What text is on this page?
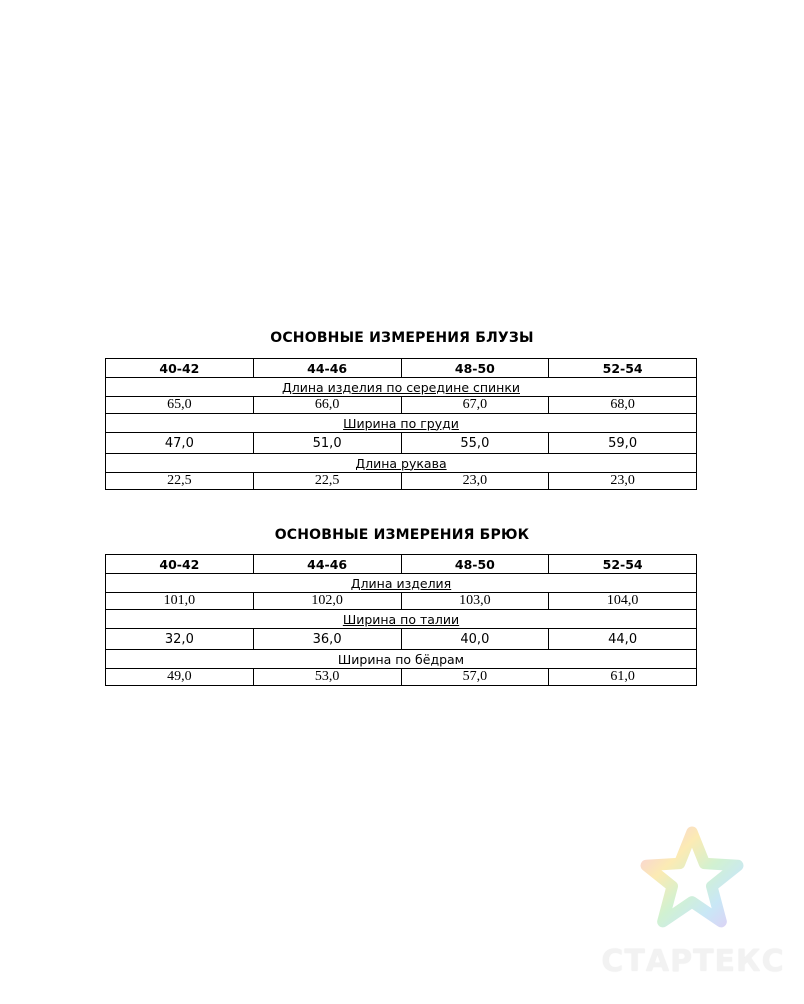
ОСНОВНЫЕ ИЗМЕРЕНИЯ БЛУЗЫ
40-42	44-46	48-50	52-54
Длина изделия по середине спинки			
65,0	66,0	67,0	68,0
Ширина по груди			
47,0	51,0	55,0	59,0
Длина рукава			
22,5	22,5	23,0	23,0
ОСНОВНЫЕ ИЗМЕРЕНИЯ БРЮК
40-42	44-46	48-50	52-54
Длина изделия			
101,0	102,0	103,0	104,0
Ширина по талии			
32,0	36,0	40,0	44,0
Ширина по бёдрам			
49,0	53,0	57,0	61,0
СТАРТЕКС
